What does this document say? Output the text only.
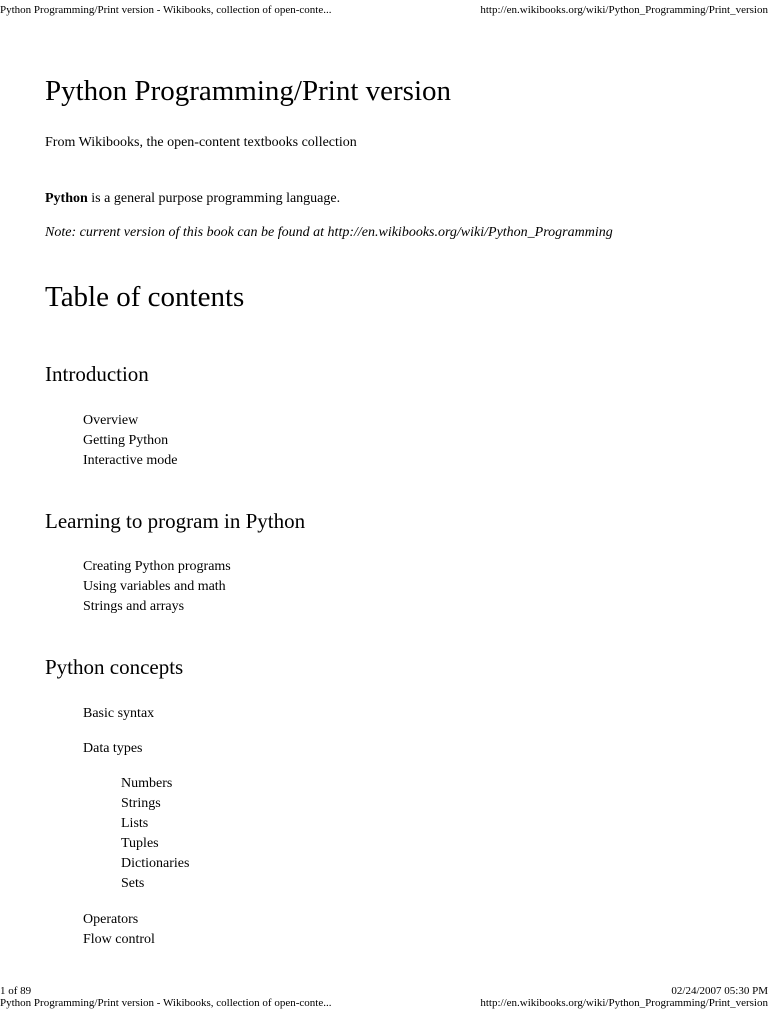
Python Programming/Print version - Wikibooks, collection of open-conte...	http://en.wikibooks.org/wiki/Python_Programming/Print_version
Python Programming/Print version
From Wikibooks, the open-content textbooks collection
Python is a general purpose programming language.
Note: current version of this book can be found at http://en.wikibooks.org/wiki/Python_Programming
Table of contents
Introduction
Overview
Getting Python
Interactive mode
Learning to program in Python
Creating Python programs
Using variables and math
Strings and arrays
Python concepts
Basic syntax
Data types
Numbers
Strings
Lists
Tuples
Dictionaries
Sets
Operators
Flow control
1 of 89	02/24/2007 05:30 PM
Python Programming/Print version - Wikibooks, collection of open-conte...	http://en.wikibooks.org/wiki/Python_Programming/Print_version
